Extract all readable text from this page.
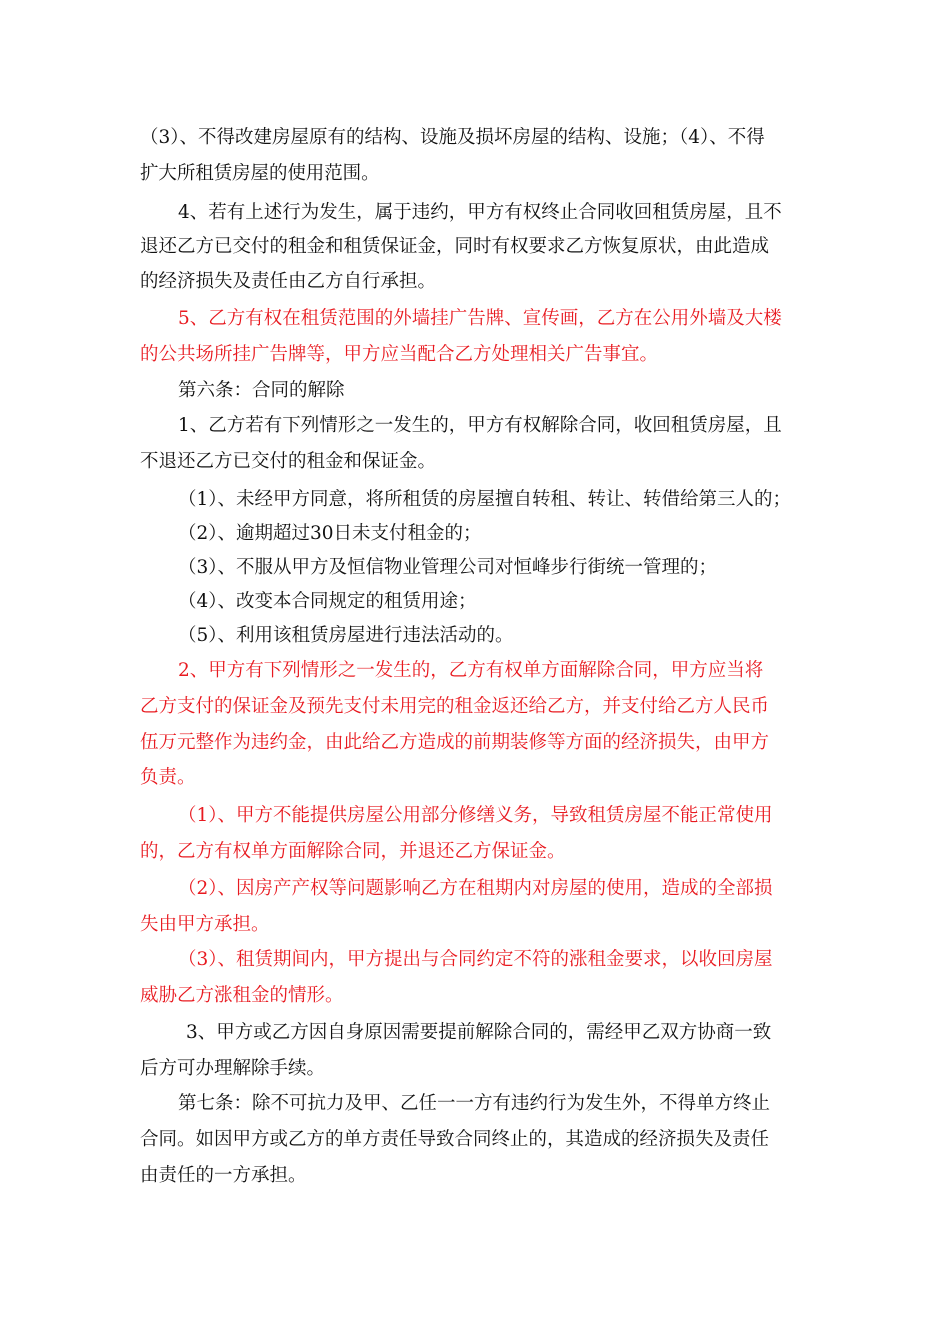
（3）、不得改建房屋原有的结构、设施及损坏房屋的结构、设施；（4）、不得
扩大所租赁房屋的使用范围。
4、若有上述行为发生，属于违约，甲方有权终止合同收回租赁房屋，且不
退还乙方已交付的租金和租赁保证金，同时有权要求乙方恢复原状，由此造成
的经济损失及责任由乙方自行承担。
5、乙方有权在租赁范围的外墙挂广告牌、宣传画，乙方在公用外墙及大楼
的公共场所挂广告牌等，甲方应当配合乙方处理相关广告事宜。
第六条：合同的解除
1、乙方若有下列情形之一发生的，甲方有权解除合同，收回租赁房屋，且
不退还乙方已交付的租金和保证金。
（1）、未经甲方同意，将所租赁的房屋擅自转租、转让、转借给第三人的；
（2）、逾期超过30日未支付租金的；
（3）、不服从甲方及恒信物业管理公司对恒峰步行街统一管理的；
（4）、改变本合同规定的租赁用途；
（5）、利用该租赁房屋进行违法活动的。
2、甲方有下列情形之一发生的，乙方有权单方面解除合同，甲方应当将
乙方支付的保证金及预先支付未用完的租金返还给乙方，并支付给乙方人民币
伍万元整作为违约金，由此给乙方造成的前期装修等方面的经济损失，由甲方
负责。
（1）、甲方不能提供房屋公用部分修缮义务，导致租赁房屋不能正常使用
的，乙方有权单方面解除合同，并退还乙方保证金。
（2）、因房产产权等问题影响乙方在租期内对房屋的使用，造成的全部损
失由甲方承担。
（3）、租赁期间内，甲方提出与合同约定不符的涨租金要求，以收回房屋
威胁乙方涨租金的情形。
3、甲方或乙方因自身原因需要提前解除合同的，需经甲乙双方协商一致
后方可办理解除手续。
第七条：除不可抗力及甲、乙任一一方有违约行为发生外，不得单方终止
合同。如因甲方或乙方的单方责任导致合同终止的，其造成的经济损失及责任
由责任的一方承担。
